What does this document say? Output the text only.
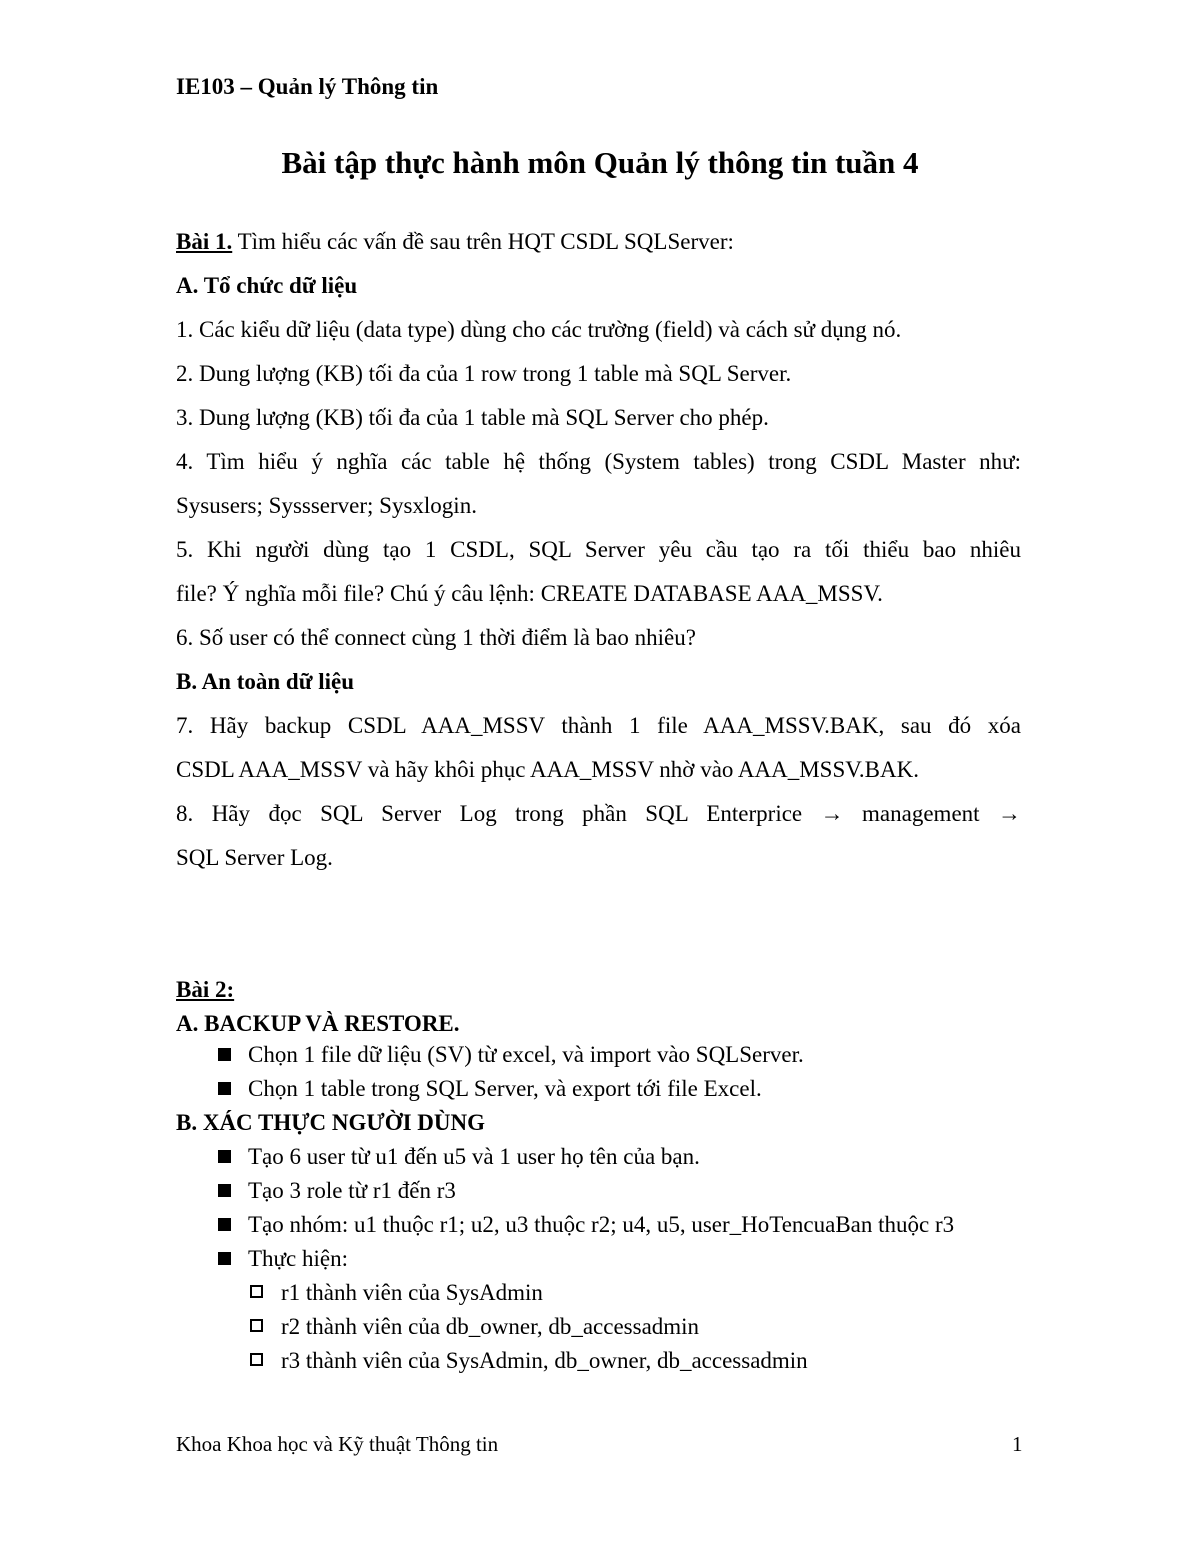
IE103 – Quản lý Thông tin
Bài tập thực hành môn Quản lý thông tin tuần 4
Bài 1. Tìm hiểu các vấn đề sau trên HQT CSDL SQLServer:
A. Tổ chức dữ liệu
1. Các kiểu dữ liệu (data type) dùng cho các trường (field) và cách sử dụng nó.
2. Dung lượng (KB) tối đa của 1 row trong 1 table mà SQL Server.
3. Dung lượng (KB) tối đa của 1 table mà SQL Server cho phép.
4. Tìm hiểu ý nghĩa các table hệ thống (System tables) trong CSDL Master như:
Sysusers; Syssserver; Sysxlogin.
5. Khi người dùng tạo 1 CSDL, SQL Server yêu cầu tạo ra tối thiểu bao nhiêu
file? Ý nghĩa mỗi file? Chú ý câu lệnh: CREATE DATABASE AAA_MSSV.
6. Số user có thể connect cùng 1 thời điểm là bao nhiêu?
B. An toàn dữ liệu
7. Hãy backup CSDL AAA_MSSV thành 1 file AAA_MSSV.BAK, sau đó xóa
CSDL AAA_MSSV và hãy khôi phục AAA_MSSV nhờ vào AAA_MSSV.BAK.
8. Hãy đọc SQL Server Log trong phần SQL Enterprice → management →
SQL Server Log.
Bài 2:
A. BACKUP VÀ RESTORE.
Chọn 1 file dữ liệu (SV) từ excel, và import vào SQLServer.
Chọn 1 table trong SQL Server, và export tới file Excel.
B. XÁC THỰC NGƯỜI DÙNG
Tạo 6 user từ u1 đến u5 và 1 user họ tên của bạn.
Tạo 3 role từ r1 đến r3
Tạo nhóm: u1 thuộc r1; u2, u3 thuộc r2; u4, u5, user_HoTencuaBan thuộc r3
Thực hiện:
r1 thành viên của SysAdmin
r2 thành viên của db_owner, db_accessadmin
r3 thành viên của SysAdmin, db_owner, db_accessadmin
Khoa Khoa học và Kỹ thuật Thông tin	1
